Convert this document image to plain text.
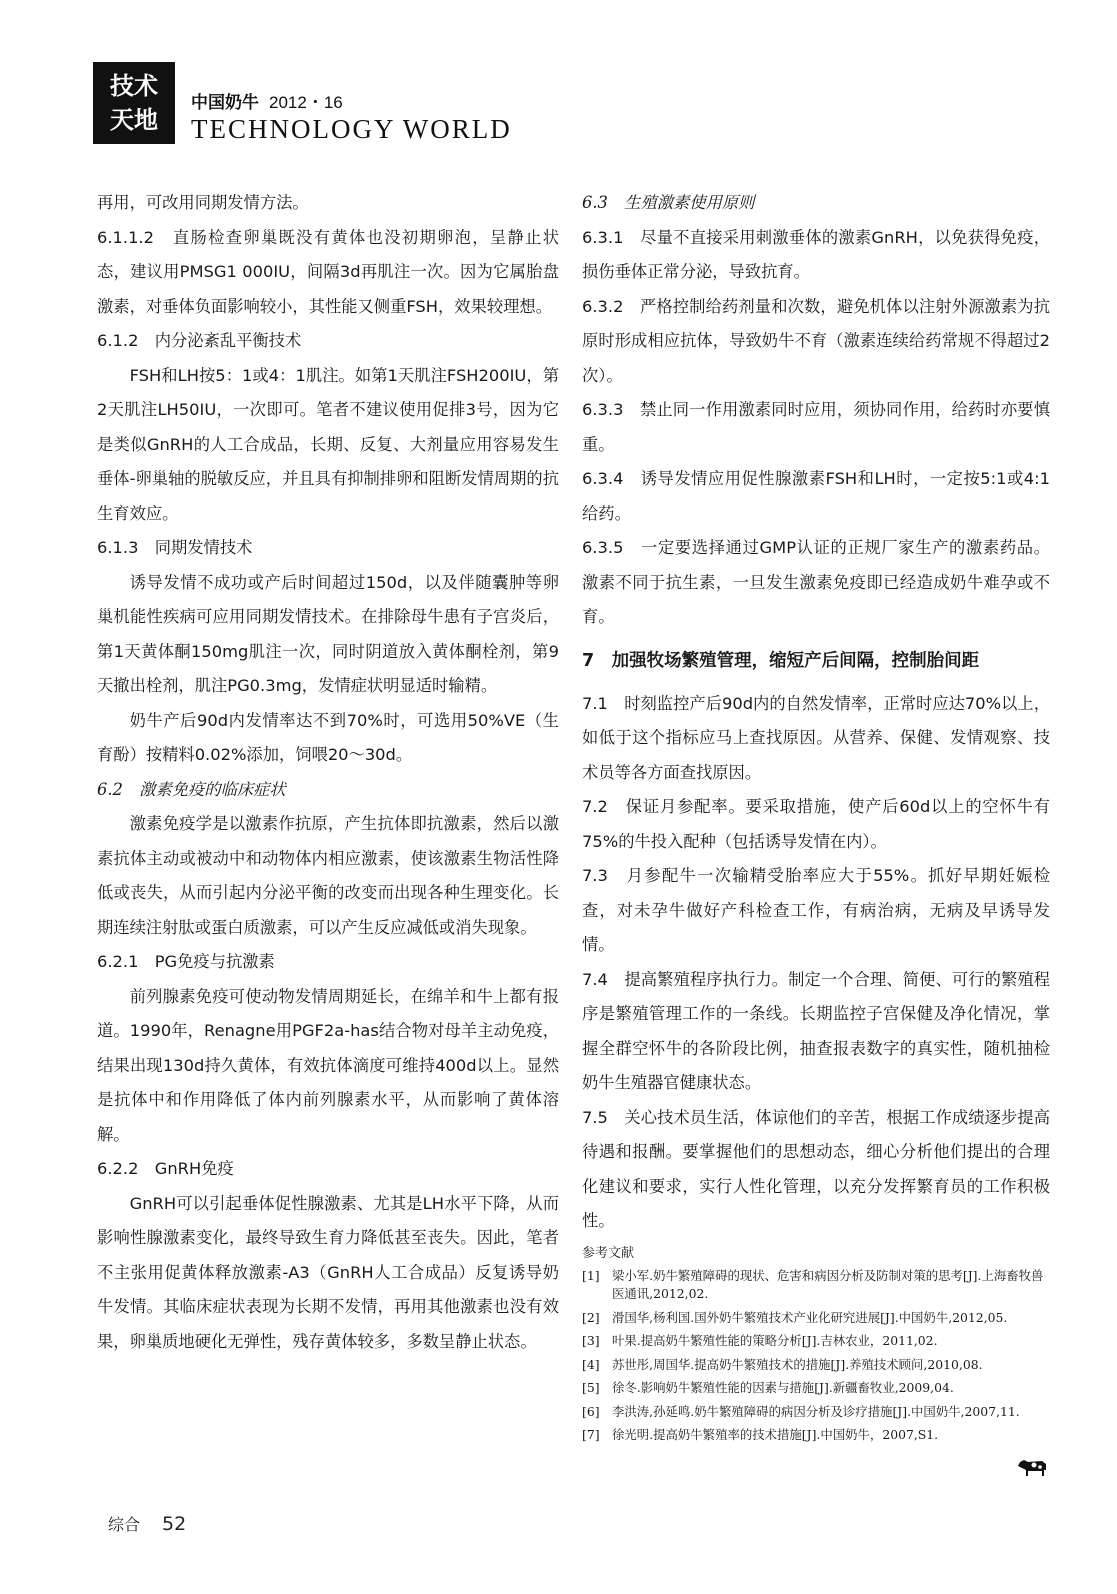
技术
天地
中国奶牛 2012・16
TECHNOLOGY WORLD

再用，可改用同期发情方法。

6.1.1.2　直肠检查卵巢既没有黄体也没初期卵泡，呈静止状态，建议用PMSG1 000IU，间隔3d再肌注一次。因为它属胎盘激素，对垂体负面影响较小，其性能又侧重FSH，效果较理想。

6.1.2　内分泌紊乱平衡技术

FSH和LH按5：1或4：1肌注。如第1天肌注FSH200IU，第2天肌注LH50IU，一次即可。笔者不建议使用促排3号，因为它是类似GnRH的人工合成品，长期、反复、大剂量应用容易发生垂体-卵巢轴的脱敏反应，并且具有抑制排卵和阻断发情周期的抗生育效应。

6.1.3　同期发情技术

诱导发情不成功或产后时间超过150d，以及伴随囊肿等卵巢机能性疾病可应用同期发情技术。在排除母牛患有子宫炎后，第1天黄体酮150mg肌注一次，同时阴道放入黄体酮栓剂，第9天撤出栓剂，肌注PG0.3mg，发情症状明显适时输精。

奶牛产后90d内发情率达不到70%时，可选用50%VE（生育酚）按精料0.02%添加，饲喂20～30d。

6.2　激素免疫的临床症状

激素免疫学是以激素作抗原，产生抗体即抗激素，然后以激素抗体主动或被动中和动物体内相应激素，使该激素生物活性降低或丧失，从而引起内分泌平衡的改变而出现各种生理变化。长期连续注射肽或蛋白质激素，可以产生反应减低或消失现象。

6.2.1　PG免疫与抗激素

前列腺素免疫可使动物发情周期延长，在绵羊和牛上都有报道。1990年，Renagne用PGF2a-has结合物对母羊主动免疫，结果出现130d持久黄体，有效抗体滴度可维持400d以上。显然是抗体中和作用降低了体内前列腺素水平，从而影响了黄体溶解。

6.2.2　GnRH免疫

GnRH可以引起垂体促性腺激素、尤其是LH水平下降，从而影响性腺激素变化，最终导致生育力降低甚至丧失。因此，笔者不主张用促黄体释放激素-A3（GnRH人工合成品）反复诱导奶牛发情。其临床症状表现为长期不发情，再用其他激素也没有效果，卵巢质地硬化无弹性，残存黄体较多，多数呈静止状态。

6.3　生殖激素使用原则

6.3.1　尽量不直接采用刺激垂体的激素GnRH，以免获得免疫，损伤垂体正常分泌，导致抗育。

6.3.2　严格控制给药剂量和次数，避免机体以注射外源激素为抗原时形成相应抗体，导致奶牛不育（激素连续给药常规不得超过2次）。

6.3.3　禁止同一作用激素同时应用，须协同作用，给药时亦要慎重。

6.3.4　诱导发情应用促性腺激素FSH和LH时，一定按5:1或4:1给药。

6.3.5　一定要选择通过GMP认证的正规厂家生产的激素药品。激素不同于抗生素，一旦发生激素免疫即已经造成奶牛难孕或不育。

7　加强牧场繁殖管理，缩短产后间隔，控制胎间距

7.1　时刻监控产后90d内的自然发情率，正常时应达70%以上，如低于这个指标应马上查找原因。从营养、保健、发情观察、技术员等各方面查找原因。

7.2　保证月参配率。要采取措施，使产后60d以上的空怀牛有75%的牛投入配种（包括诱导发情在内）。

7.3　月参配牛一次输精受胎率应大于55%。抓好早期妊娠检查，对未孕牛做好产科检查工作，有病治病，无病及早诱导发情。

7.4　提高繁殖程序执行力。制定一个合理、简便、可行的繁殖程序是繁殖管理工作的一条线。长期监控子宫保健及净化情况，掌握全群空怀牛的各阶段比例，抽查报表数字的真实性，随机抽检奶牛生殖器官健康状态。

7.5　关心技术员生活，体谅他们的辛苦，根据工作成绩逐步提高待遇和报酬。要掌握他们的思想动态，细心分析他们提出的合理化建议和要求，实行人性化管理，以充分发挥繁育员的工作积极性。

参考文献

[1]	梁小军.奶牛繁殖障碍的现状、危害和病因分析及防制对策的思考[J].上海畜牧兽医通讯,2012,02.
[2]	滑国华,杨利国.国外奶牛繁殖技术产业化研究进展[J].中国奶牛,2012,05.
[3]	叶果.提高奶牛繁殖性能的策略分析[J].吉林农业，2011,02.
[4]	苏世彤,周国华.提高奶牛繁殖技术的措施[J].养殖技术顾问,2010,08.
[5]	徐冬.影响奶牛繁殖性能的因素与措施[J].新疆畜牧业,2009,04.
[6]	李洪涛,孙延鸣.奶牛繁殖障碍的病因分析及诊疗措施[J].中国奶牛,2007,11.
[7]	徐光明.提高奶牛繁殖率的技术措施[J].中国奶牛，2007,S1.
综合 52
